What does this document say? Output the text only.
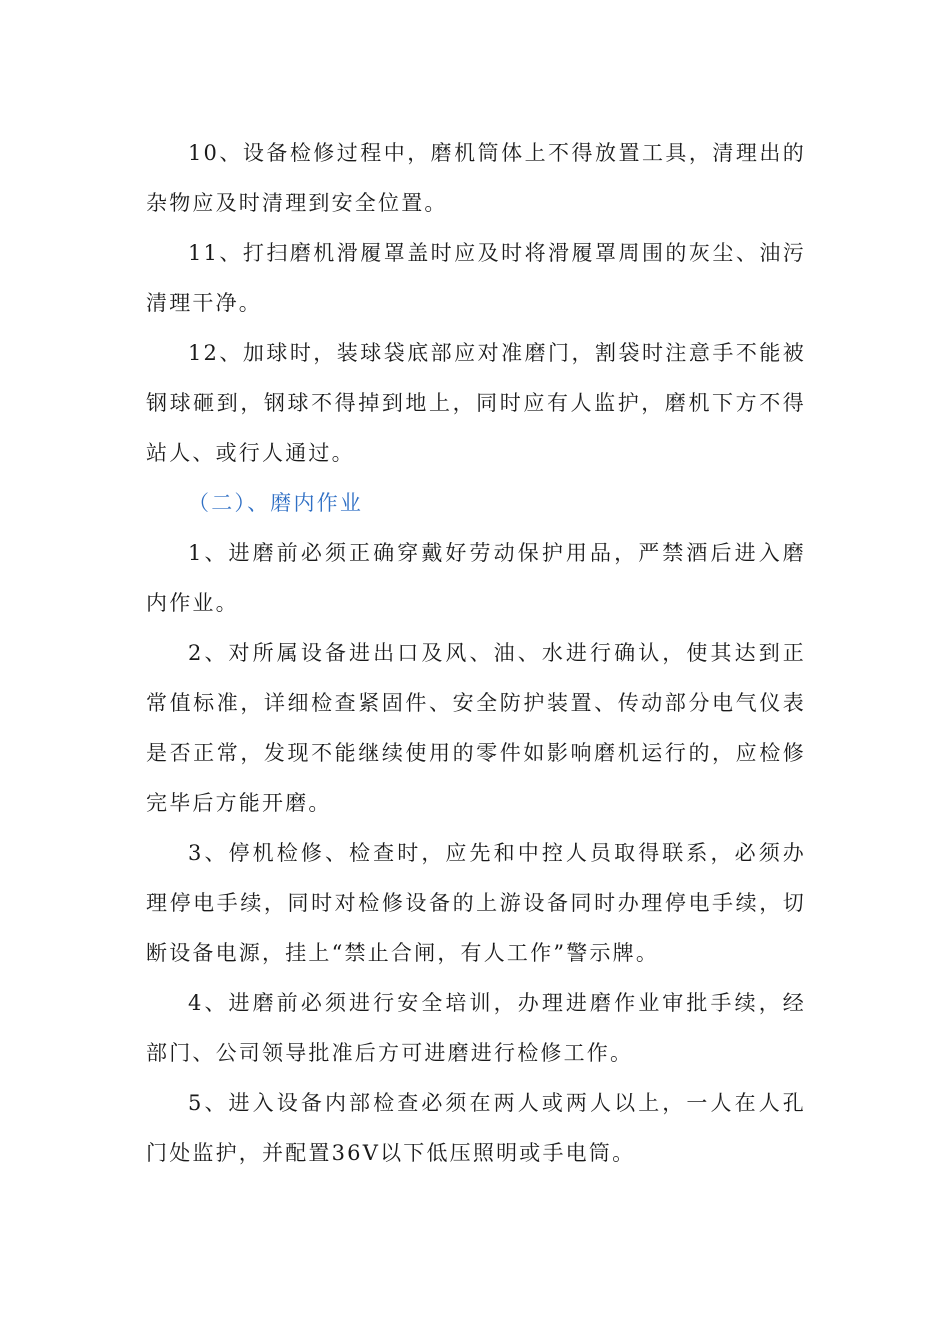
10、设备检修过程中，磨机筒体上不得放置工具，清理出的杂物应及时清理到安全位置。

11、打扫磨机滑履罩盖时应及时将滑履罩周围的灰尘、油污清理干净。

12、加球时，装球袋底部应对准磨门，割袋时注意手不能被钢球砸到，钢球不得掉到地上，同时应有人监护，磨机下方不得站人、或行人通过。

（二）、磨内作业

1、进磨前必须正确穿戴好劳动保护用品，严禁酒后进入磨内作业。

2、对所属设备进出口及风、油、水进行确认，使其达到正常值标准，详细检查紧固件、安全防护装置、传动部分电气仪表是否正常，发现不能继续使用的零件如影响磨机运行的，应检修完毕后方能开磨。

3、停机检修、检查时，应先和中控人员取得联系，必须办理停电手续，同时对检修设备的上游设备同时办理停电手续，切断设备电源，挂上“禁止合闸，有人工作”警示牌。

4、进磨前必须进行安全培训，办理进磨作业审批手续，经部门、公司领导批准后方可进磨进行检修工作。

5、进入设备内部检查必须在两人或两人以上，一人在人孔门处监护，并配置36V以下低压照明或手电筒。
